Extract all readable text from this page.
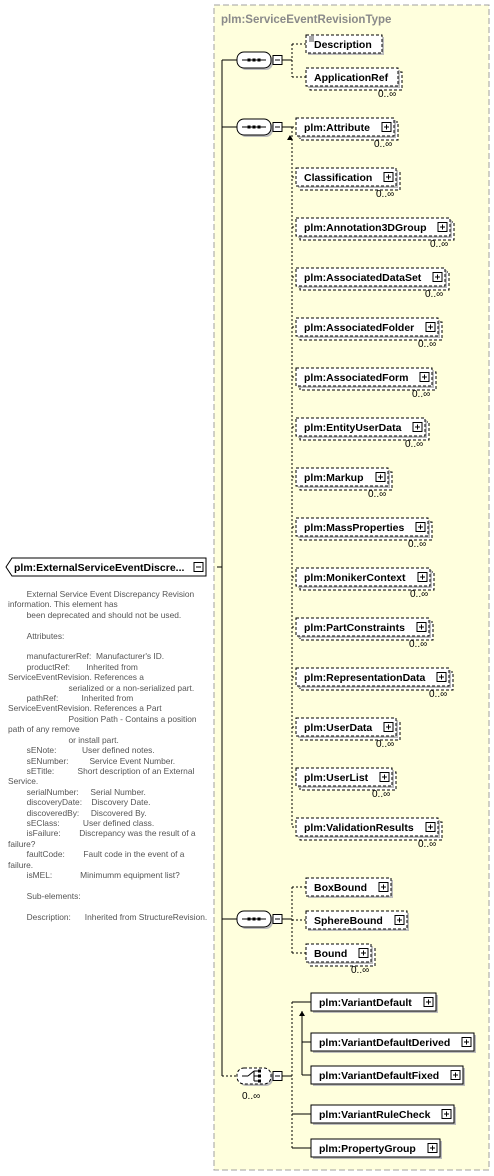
plm:ServiceEventRevisionType
plm:ExternalServiceEventDiscre...
Description
ApplicationRef
0..∞
plm:Attribute
0..∞
Classification
0..∞
plm:Annotation3DGroup
0..∞
plm:AssociatedDataSet
0..∞
plm:AssociatedFolder
0..∞
plm:AssociatedForm
0..∞
plm:EntityUserData
0..∞
plm:Markup
0..∞
plm:MassProperties
0..∞
plm:MonikerContext
0..∞
plm:PartConstraints
0..∞
plm:RepresentationData
0..∞
plm:UserData
0..∞
plm:UserList
0..∞
plm:ValidationResults
0..∞
BoxBound
SphereBound
Bound
0..∞
0..∞
plm:VariantDefault
plm:VariantDefaultDerived
plm:VariantDefaultFixed
plm:VariantRuleCheck
plm:PropertyGroup
External Service Event Discrepancy Revision information. This element has
been deprecated and should not be used.

Attributes:

manufacturerRef:  Manufacturer's ID.
productRef:       Inherited from ServiceEventRevision. References a
serialized or a non-serialized part.
pathRef:          Inherited from ServiceEventRevision. References a Part
Position Path - Contains a position path of any remove
or install part.
sENote:           User defined notes.
sENumber:         Service Event Number.
sETitle:          Short description of an External Service.
serialNumber:     Serial Number.
discoveryDate:    Discovery Date.
discoveredBy:     Discovered By.
sEClass:          User defined class.
isFailure:        Discrepancy was the result of a failure?
faultCode:        Fault code in the event of a failure.
isMEL:            Minimumm equipment list?

Sub-elements:

Description:      Inherited from StructureRevision.
